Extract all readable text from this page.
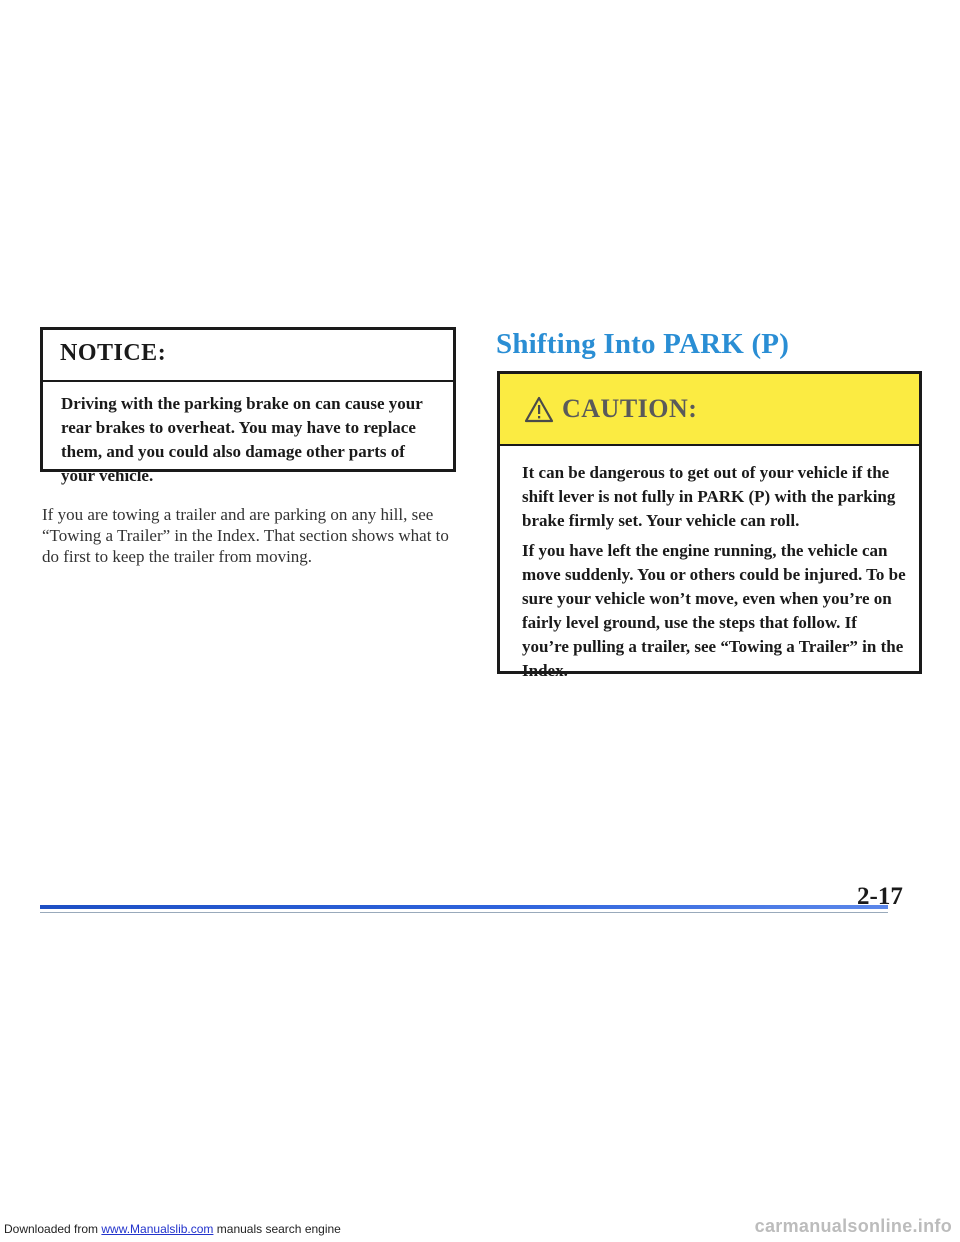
NOTICE:
Driving with the parking brake on can cause your rear brakes to overheat. You may have to replace them, and you could also damage other parts of your vehicle.
If you are towing a trailer and are parking on any hill, see “Towing a Trailer” in the Index. That section shows what to do first to keep the trailer from moving.
Shifting Into PARK (P)
CAUTION:

It can be dangerous to get out of your vehicle if the shift lever is not fully in PARK (P) with the parking brake firmly set. Your vehicle can roll.

If you have left the engine running, the vehicle can move suddenly. You or others could be injured. To be sure your vehicle won’t move, even when you’re on fairly level ground, use the steps that follow. If you’re pulling a trailer, see “Towing a Trailer” in the Index.

2-17
Downloaded from www.Manualslib.com manuals search engine	carmanualsonline.info
